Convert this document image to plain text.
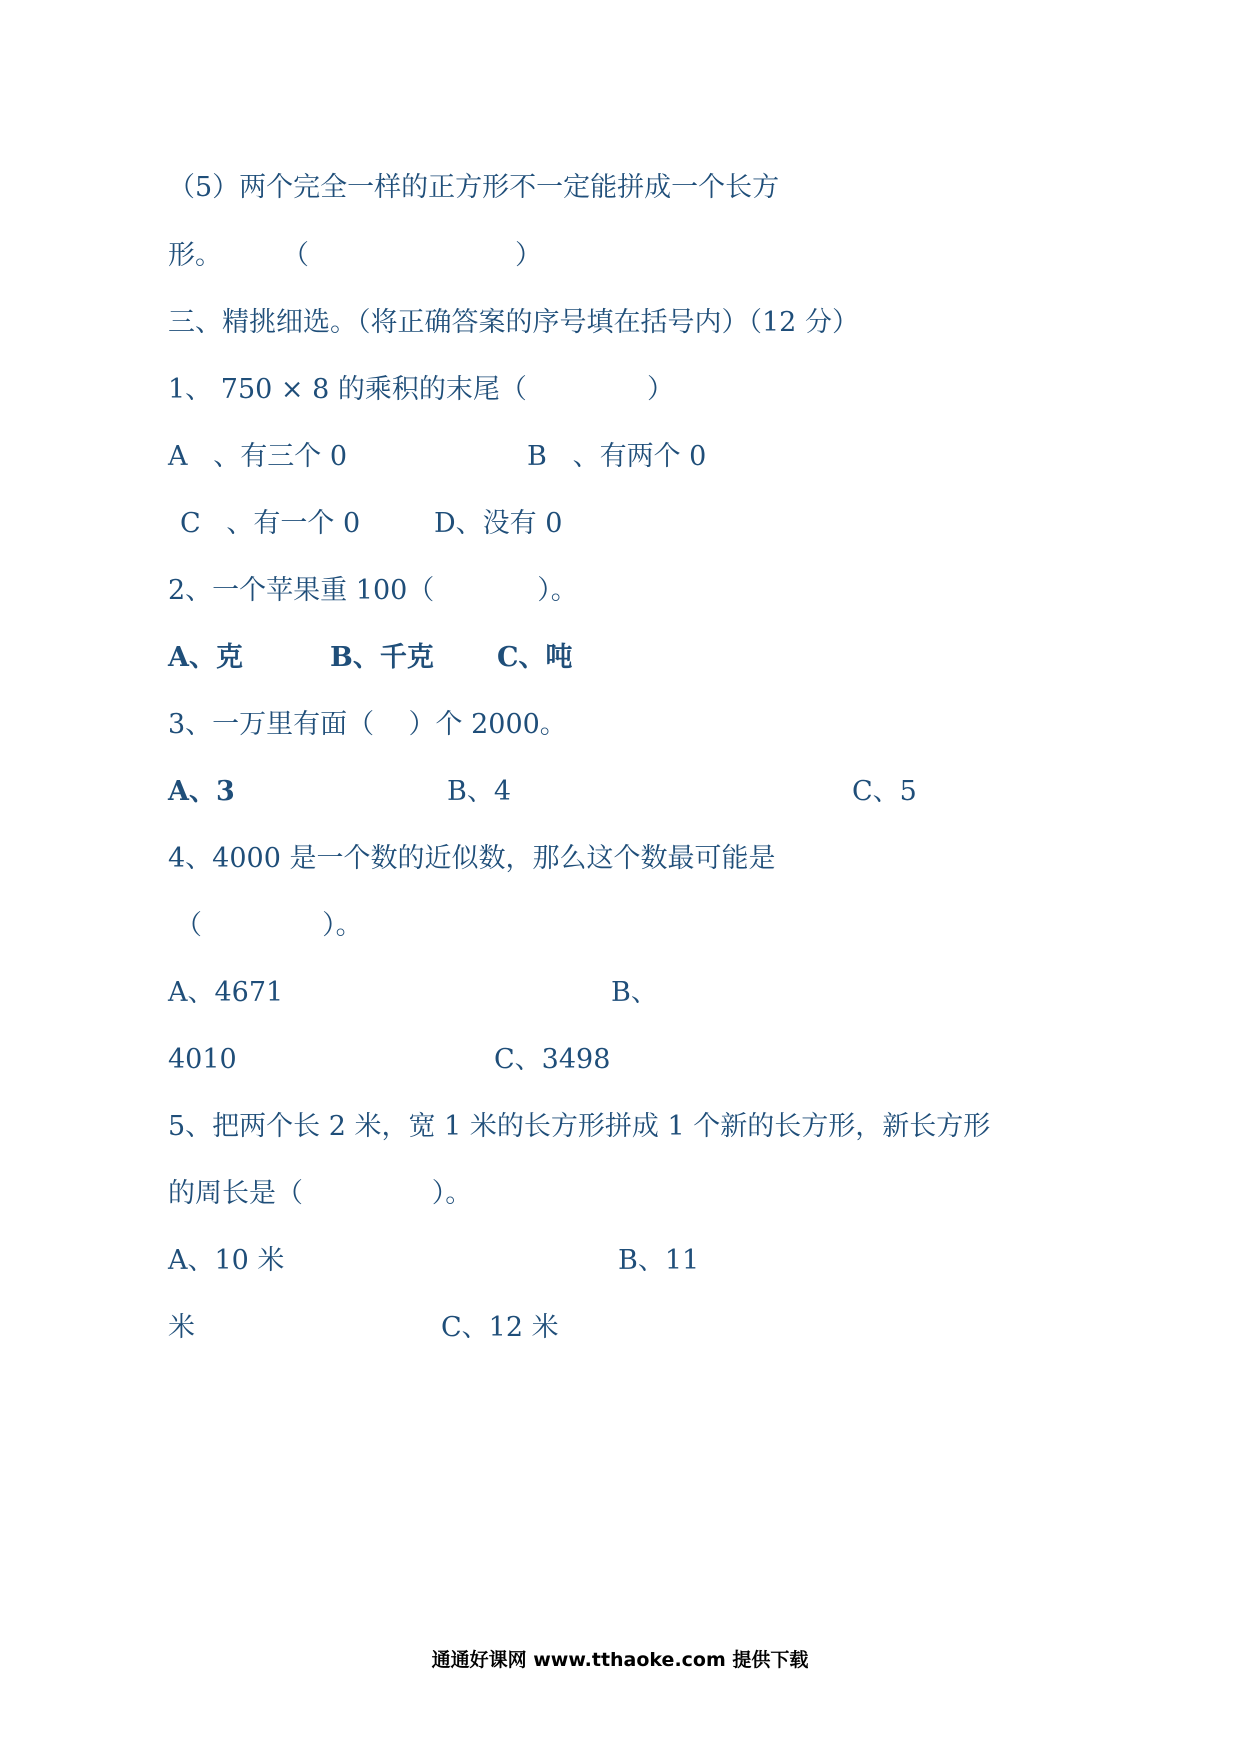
（5）两个完全一样的正方形不一定能拼成一个长方
形。 （                        ）
三、精挑细选。（将正确答案的序号填在括号内）（12 分）
1、 750 × 8 的乘积的末尾（              ）
A   、有三个 0	B   、有两个 0
C   、有一个 0	D、没有 0
2、一个苹果重 100（            ）。
A、克	B、千克 C、吨
3、一万里有面（    ）个 2000。
A、3	B、4	C、5
4、4000 是一个数的近似数，那么这个数最可能是
（              ）。
A、4671	B、
4010	C、3498
5、把两个长 2 米，宽 1 米的长方形拼成 1 个新的长方形，新长方形
的周长是（               ）。
A、10 米	B、11
米	C、12 米
通通好课网 www.tthaoke.com 提供下载
